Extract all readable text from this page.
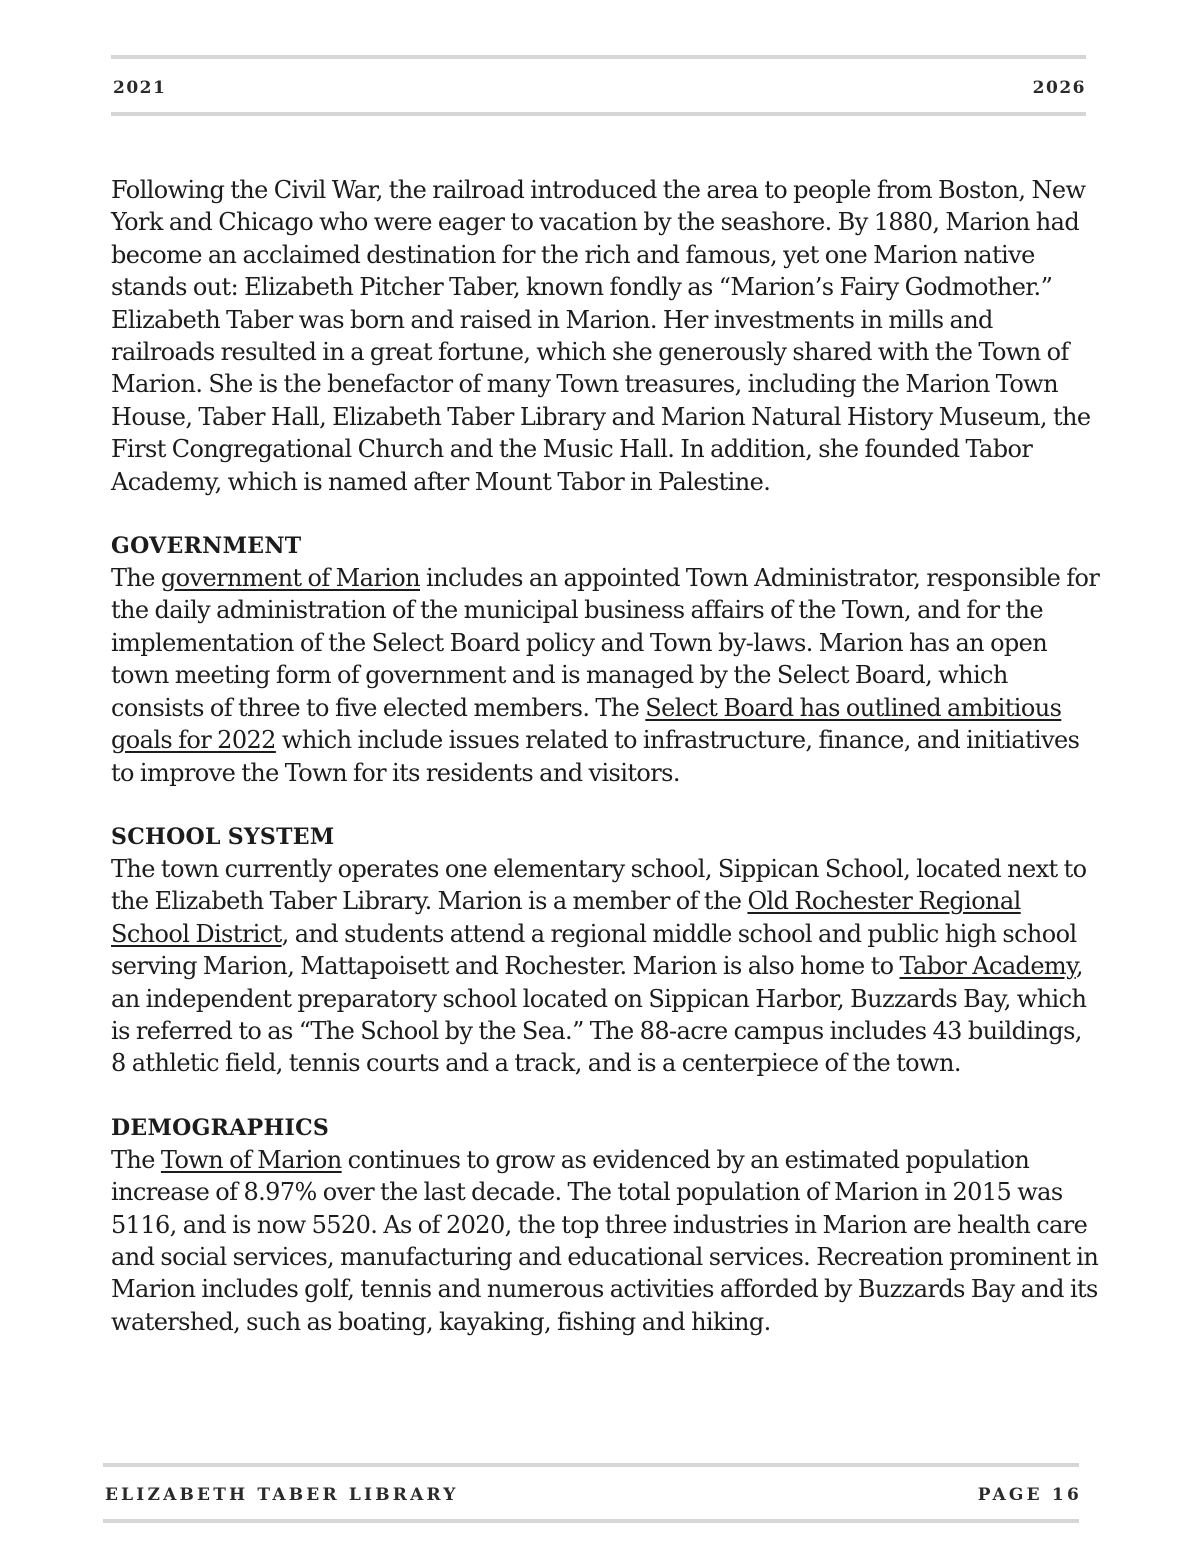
2021	2026

Following the Civil War, the railroad introduced the area to people from Boston, New York and Chicago who were eager to vacation by the seashore. By 1880, Marion had become an acclaimed destination for the rich and famous, yet one Marion native stands out: Elizabeth Pitcher Taber, known fondly as “Marion’s Fairy Godmother.” Elizabeth Taber was born and raised in Marion. Her investments in mills and railroads resulted in a great fortune, which she generously shared with the Town of Marion. She is the benefactor of many Town treasures, including the Marion Town House, Taber Hall, Elizabeth Taber Library and Marion Natural History Museum, the First Congregational Church and the Music Hall. In addition, she founded Tabor Academy, which is named after Mount Tabor in Palestine.

GOVERNMENT

The government of Marion includes an appointed Town Administrator, responsible for the daily administration of the municipal business affairs of the Town, and for the implementation of the Select Board policy and Town by-laws. Marion has an open town meeting form of government and is managed by the Select Board, which consists of three to five elected members. The Select Board has outlined ambitious goals for 2022 which include issues related to infrastructure, finance, and initiatives to improve the Town for its residents and visitors.

SCHOOL SYSTEM

The town currently operates one elementary school, Sippican School, located next to the Elizabeth Taber Library. Marion is a member of the Old Rochester Regional School District, and students attend a regional middle school and public high school serving Marion, Mattapoisett and Rochester. Marion is also home to Tabor Academy, an independent preparatory school located on Sippican Harbor, Buzzards Bay, which is referred to as “The School by the Sea.” The 88-acre campus includes 43 buildings, 8 athletic field, tennis courts and a track, and is a centerpiece of the town.

DEMOGRAPHICS

The Town of Marion continues to grow as evidenced by an estimated population increase of 8.97% over the last decade. The total population of Marion in 2015 was 5116, and is now 5520. As of 2020, the top three industries in Marion are health care and social services, manufacturing and educational services. Recreation prominent in Marion includes golf, tennis and numerous activities afforded by Buzzards Bay and its watershed, such as boating, kayaking, fishing and hiking.

ELIZABETH TABER LIBRARY	PAGE 16
